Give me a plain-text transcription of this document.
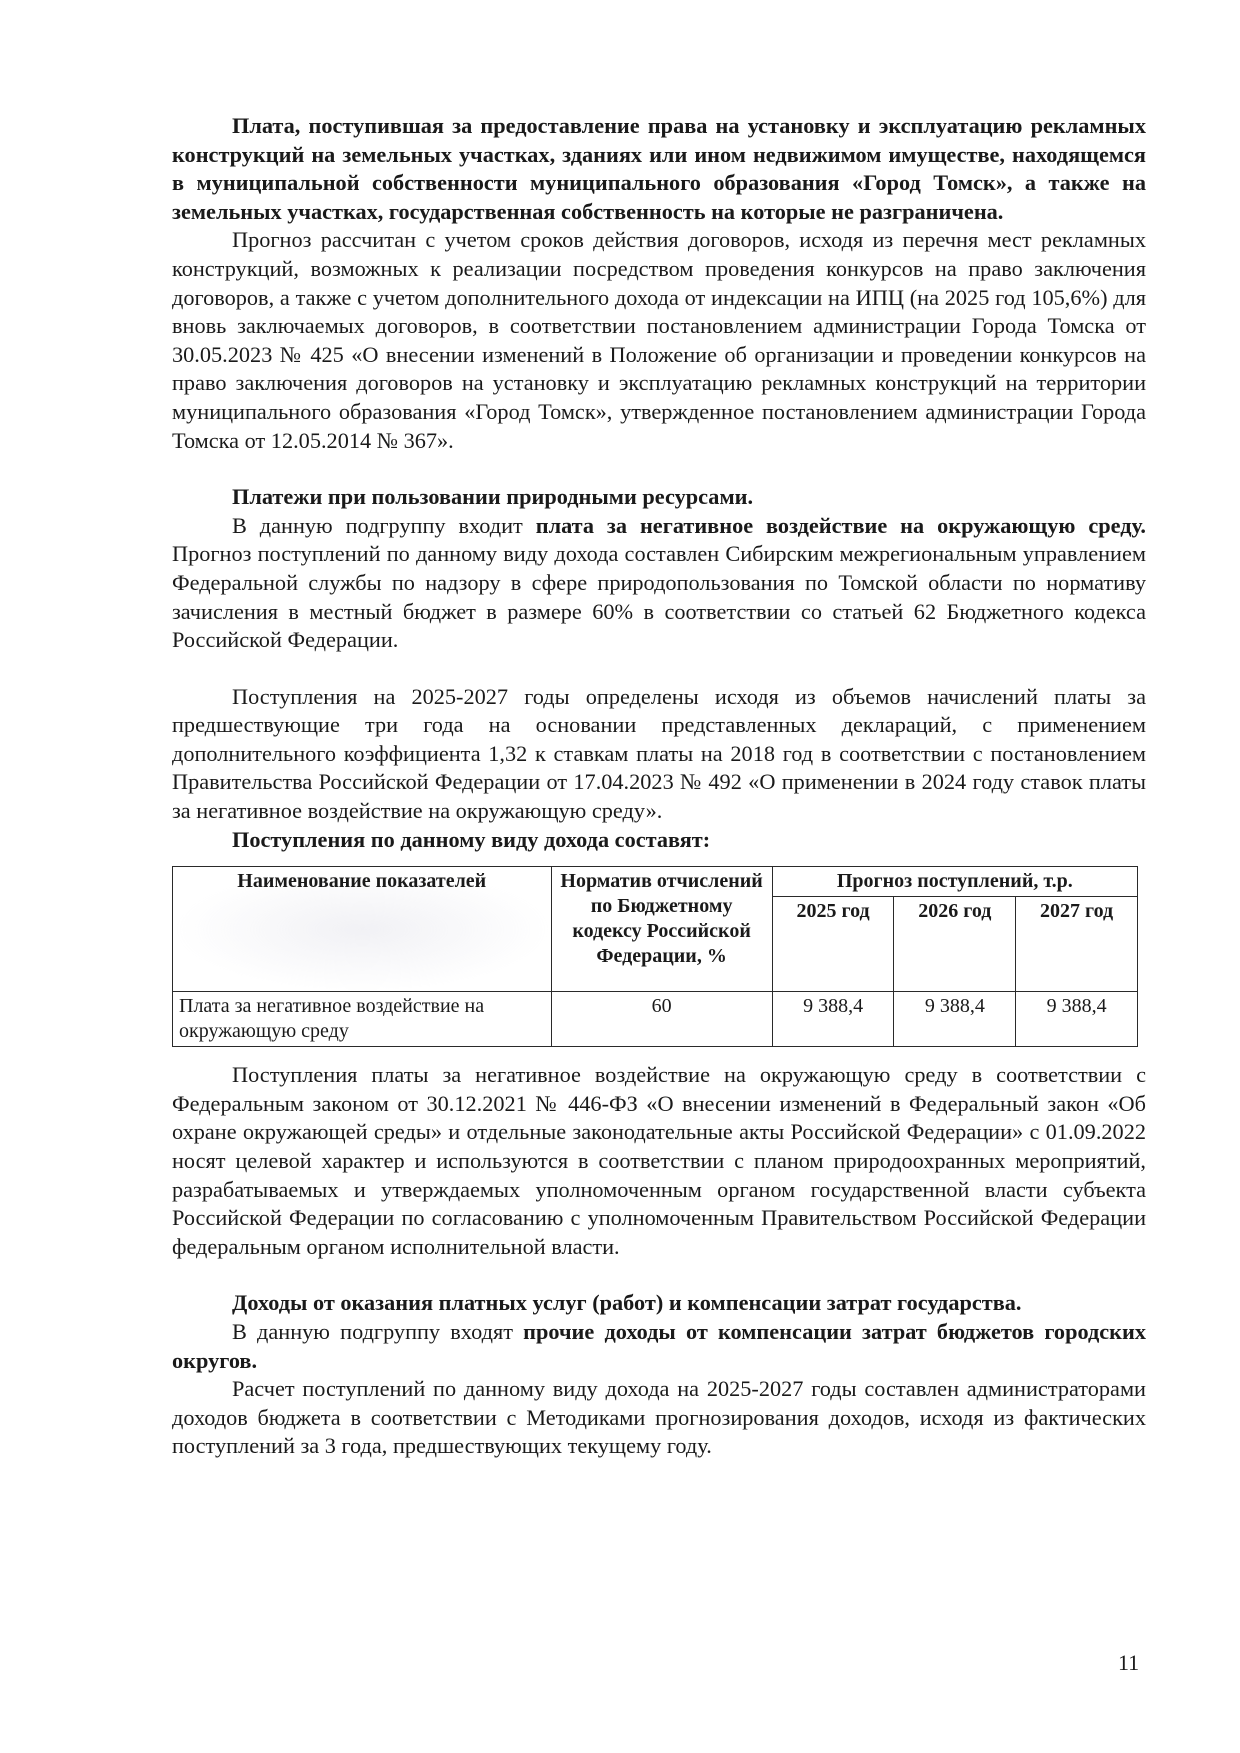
Плата, поступившая за предоставление права на установку и эксплуатацию рекламных конструкций на земельных участках, зданиях или ином недвижимом имуществе, находящемся в муниципальной собственности муниципального образования «Город Томск», а также на земельных участках, государственная собственность на которые не разграничена.

Прогноз рассчитан с учетом сроков действия договоров, исходя из перечня мест рекламных конструкций, возможных к реализации посредством проведения конкурсов на право заключения договоров, а также с учетом дополнительного дохода от индексации на ИПЦ (на 2025 год 105,6%) для вновь заключаемых договоров, в соответствии постановлением администрации Города Томска от 30.05.2023 № 425 «О внесении изменений в Положение об организации и проведении конкурсов на право заключения договоров на установку и эксплуатацию рекламных конструкций на территории муниципального образования «Город Томск», утвержденное постановлением администрации Города Томска от 12.05.2014 № 367».

Платежи при пользовании природными ресурсами.

В данную подгруппу входит плата за негативное воздействие на окружающую среду. Прогноз поступлений по данному виду дохода составлен Сибирским межрегиональным управлением Федеральной службы по надзору в сфере природопользования по Томской области по нормативу зачисления в местный бюджет в размере 60% в соответствии со статьей 62 Бюджетного кодекса Российской Федерации.

Поступления на 2025-2027 годы определены исходя из объемов начислений платы за предшествующие три года на основании представленных деклараций, с применением дополнительного коэффициента 1,32 к ставкам платы на 2018 год в соответствии с постановлением Правительства Российской Федерации от 17.04.2023 № 492 «О применении в 2024 году ставок платы за негативное воздействие на окружающую среду».

Поступления по данному виду дохода составят:

Наименование показателей	Норматив отчислений по Бюджетному кодексу Российской Федерации, %	Прогноз поступлений, т.р.		
		2025 год	2026 год	2027 год
Плата за негативное воздействие на окружающую среду	60	9 388,4	9 388,4	9 388,4

Поступления платы за негативное воздействие на окружающую среду в соответствии с Федеральным законом от 30.12.2021 № 446-ФЗ «О внесении изменений в Федеральный закон «Об охране окружающей среды» и отдельные законодательные акты Российской Федерации» с 01.09.2022 носят целевой характер и используются в соответствии с планом природоохранных мероприятий, разрабатываемых и утверждаемых уполномоченным органом государственной власти субъекта Российской Федерации по согласованию с уполномоченным Правительством Российской Федерации федеральным органом исполнительной власти.

Доходы от оказания платных услуг (работ) и компенсации затрат государства.

В данную подгруппу входят прочие доходы от компенсации затрат бюджетов городских округов.

Расчет поступлений по данному виду дохода на 2025-2027 годы составлен администраторами доходов бюджета в соответствии с Методиками прогнозирования доходов, исходя из фактических поступлений за 3 года, предшествующих текущему году.

11
